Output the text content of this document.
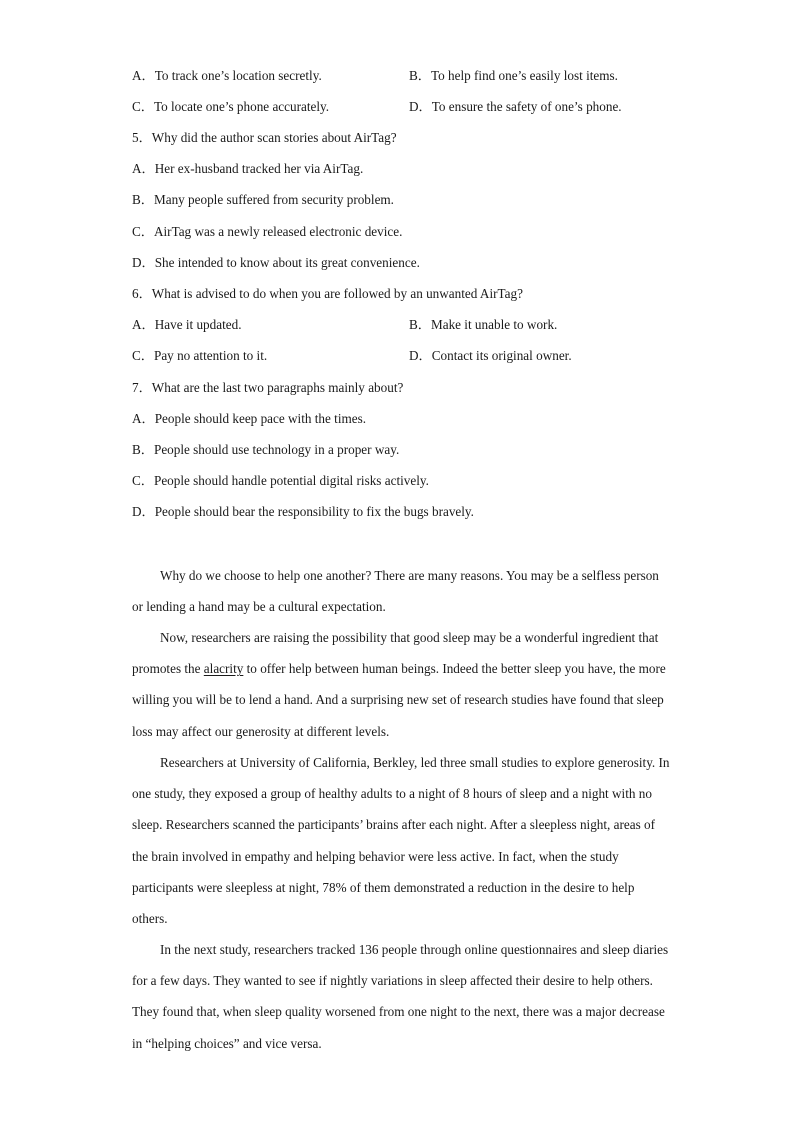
A．To track one’s location secretly.	B．To help find one’s easily lost items.
C．To locate one’s phone accurately.	D．To ensure the safety of one’s phone.
5．Why did the author scan stories about AirTag?
A．Her ex-husband tracked her via AirTag.
B．Many people suffered from security problem.
C．AirTag was a newly released electronic device.
D．She intended to know about its great convenience.
6．What is advised to do when you are followed by an unwanted AirTag?
A．Have it updated.	B．Make it unable to work.
C．Pay no attention to it.	D．Contact its original owner.
7．What are the last two paragraphs mainly about?
A．People should keep pace with the times.
B．People should use technology in a proper way.
C．People should handle potential digital risks actively.
D．People should bear the responsibility to fix the bugs bravely.

Why do we choose to help one another? There are many reasons. You may be a selfless person or lending a hand may be a cultural expectation.

Now, researchers are raising the possibility that good sleep may be a wonderful ingredient that promotes the alacrity to offer help between human beings. Indeed the better sleep you have, the more willing you will be to lend a hand. And a surprising new set of research studies have found that sleep loss may affect our generosity at different levels.

Researchers at University of California, Berkley, led three small studies to explore generosity. In one study, they exposed a group of healthy adults to a night of 8 hours of sleep and a night with no sleep. Researchers scanned the participants’ brains after each night. After a sleepless night, areas of the brain involved in empathy and helping behavior were less active. In fact, when the study participants were sleepless at night, 78% of them demonstrated a reduction in the desire to help others.

In the next study, researchers tracked 136 people through online questionnaires and sleep diaries for a few days. They wanted to see if nightly variations in sleep affected their desire to help others. They found that, when sleep quality worsened from one night to the next, there was a major decrease in “helping choices” and vice versa.
